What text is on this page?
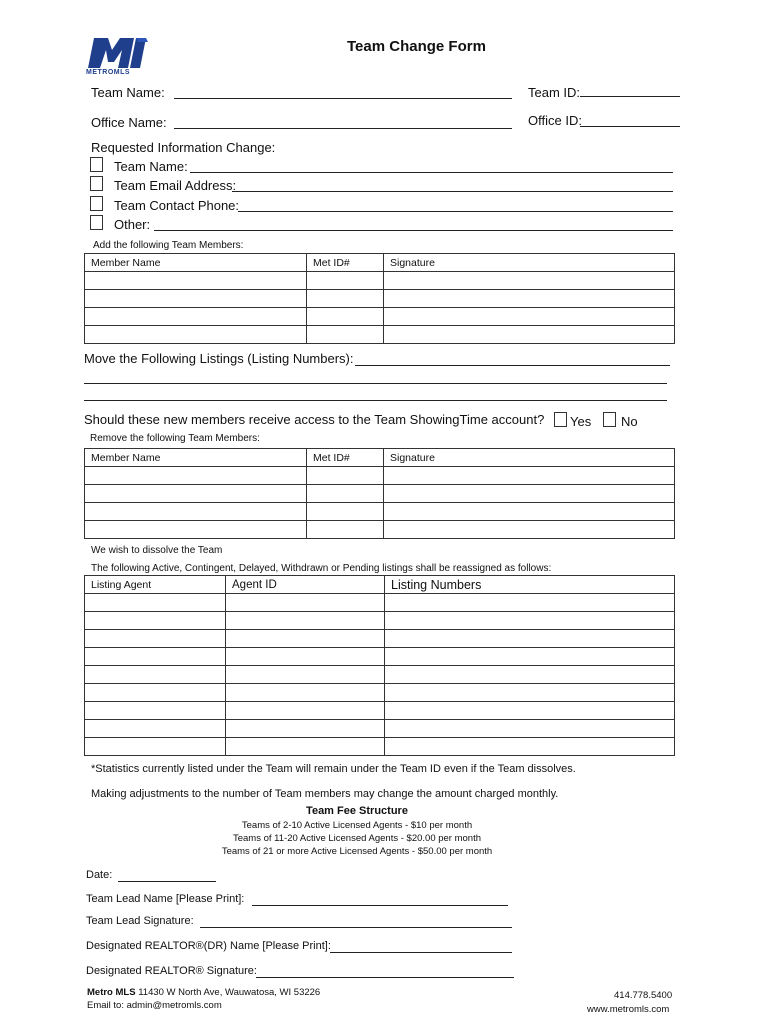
METROMLS
Team Change Form
Team Name:	Team ID:
Office Name:	Office ID:
Requested Information Change:
Team Name:
Team Email Address:
Team Contact Phone:
Other:
Add the following Team Members:
Member Name	Met ID#	Signature

Move the Following Listings (Listing Numbers):
Should these new members receive access to the Team ShowingTime account? Yes No
Remove the following Team Members:
Member Name	Met ID#	Signature

We wish to dissolve the Team
The following Active, Contingent, Delayed, Withdrawn or Pending listings shall be reassigned as follows:
Listing Agent	Agent ID	Listing Numbers

*Statistics currently listed under the Team will remain under the Team ID even if the Team dissolves.
Making adjustments to the number of Team members may change the amount charged monthly.
Team Fee Structure
Teams of 2-10 Active Licensed Agents - $10 per month
Teams of 11-20 Active Licensed Agents - $20.00 per month
Teams of 21 or more Active Licensed Agents - $50.00 per month
Date:
Team Lead Name [Please Print]:
Team Lead Signature:
Designated REALTOR®(DR) Name [Please Print]:
Designated REALTOR® Signature:
Metro MLS 11430 W North Ave, Wauwatosa, WI 53226
Email to: admin@metromls.com
414.778.5400
www.metromls.com
